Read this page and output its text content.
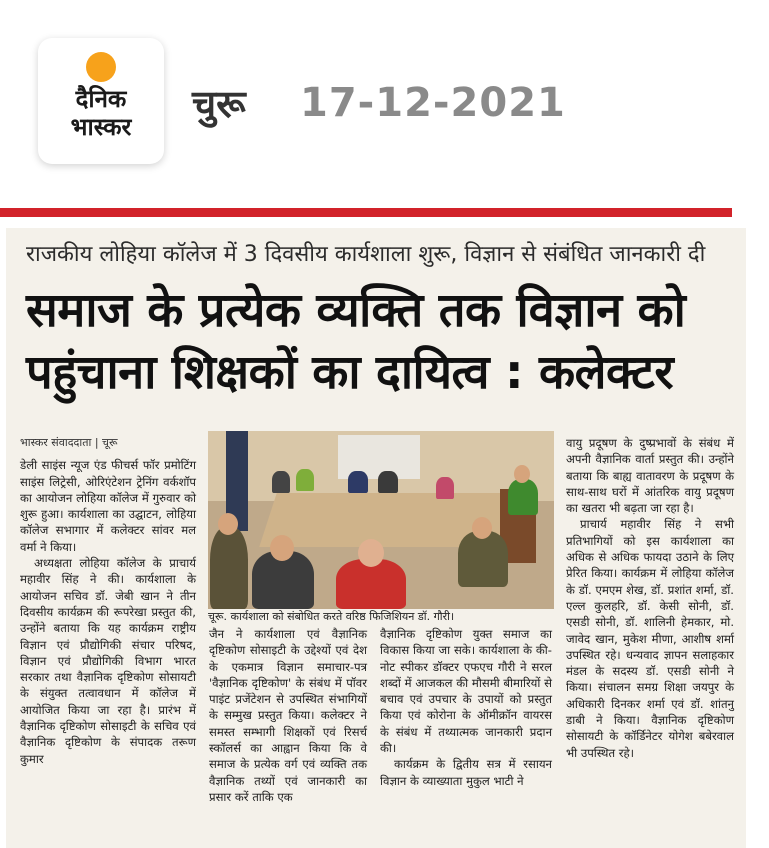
दैनिक
भास्कर
चुरू 17-12-2021
राजकीय लोहिया कॉलेज में 3 दिवसीय कार्यशाला शुरू, विज्ञान से संबंधित जानकारी दी
समाज के प्रत्येक व्यक्ति तक विज्ञान को
पहुंचाना शिक्षकों का दायित्व : कलेक्टर
भास्कर संवाददाता | चूरू

डेली साइंस न्यूज एंड फीचर्स फॉर प्रमोटिंग साइंस लिट्रेसी, ओरिएंटेशन ट्रेनिंग वर्कशॉप का आयोजन लोहिया कॉलेज में गुरुवार को शुरू हुआ। कार्यशाला का उद्घाटन, लोहिया कॉलेज सभागार में कलेक्टर सांवर मल वर्मा ने किया।

अध्यक्षता लोहिया कॉलेज के प्राचार्य महावीर सिंह ने की। कार्यशाला के आयोजन सचिव डॉ. जेबी खान ने तीन दिवसीय कार्यक्रम की रूपरेखा प्रस्तुत की, उन्होंने बताया कि यह कार्यक्रम राष्ट्रीय विज्ञान एवं प्रौद्योगिकी संचार परिषद, विज्ञान एवं प्रौद्योगिकी विभाग भारत सरकार तथा वैज्ञानिक दृष्टिकोण सोसायटी के संयुक्त तत्वावधान में कॉलेज में आयोजित किया जा रहा है। प्रारंभ में वैज्ञानिक दृष्टिकोण सोसाइटी के सचिव एवं वैज्ञानिक दृष्टिकोण के संपादक तरूण कुमार

चूरू. कार्यशाला को संबोधित करते वरिष्ठ फिजिशियन डॉ. गौरी।

जैन ने कार्यशाला एवं वैज्ञानिक दृष्टिकोण सोसाइटी के उद्देश्यों एवं देश के एकमात्र विज्ञान समाचार-पत्र 'वैज्ञानिक दृष्टिकोण' के संबंध में पॉवर पाइंट प्रजेंटेशन से उपस्थित संभागियों के सम्मुख प्रस्तुत किया। कलेक्टर ने समस्त सम्भागी शिक्षकों एवं रिसर्च स्कॉलर्स का आह्वान किया कि वे समाज के प्रत्येक वर्ग एवं व्यक्ति तक वैज्ञानिक तथ्यों एवं जानकारी का प्रसार करें ताकि एक

वैज्ञानिक दृष्टिकोण युक्त समाज का विकास किया जा सके। कार्यशाला के की-नोट स्पीकर डॉक्टर एफएच गौरी ने सरल शब्दों में आजकल की मौसमी बीमारियों से बचाव एवं उपचार के उपायों को प्रस्तुत किया एवं कोरोना के ऑमीक्रॉन वायरस के संबंध में तथ्यात्मक जानकारी प्रदान की।

कार्यक्रम के द्वितीय सत्र में रसायन विज्ञान के व्याख्याता मुकुल भाटी ने

वायु प्रदूषण के दुष्प्रभावों के संबंध में अपनी वैज्ञानिक वार्ता प्रस्तुत की। उन्होंने बताया कि बाह्य वातावरण के प्रदूषण के साथ-साथ घरों में आंतरिक वायु प्रदूषण का खतरा भी बढ़ता जा रहा है।

प्राचार्य महावीर सिंह ने सभी प्रतिभागियों को इस कार्यशाला का अधिक से अधिक फायदा उठाने के लिए प्रेरित किया। कार्यक्रम में लोहिया कॉलेज के डॉ. एमएम शेख, डॉ. प्रशांत शर्मा, डॉ. एल्ल कुलहरि, डॉ. केसी सोनी, डॉ. एसडी सोनी, डॉ. शालिनी हेमकार, मो. जावेद खान, मुकेश मीणा, आशीष शर्मा उपस्थित रहे। धन्यवाद ज्ञापन सलाहकार मंडल के सदस्य डॉ. एसडी सोनी ने किया। संचालन समग्र शिक्षा जयपुर के अधिकारी दिनकर शर्मा एवं डॉ. शांतनु डाबी ने किया। वैज्ञानिक दृष्टिकोण सोसायटी के कॉर्डिनेटर योगेश बबेरवाल भी उपस्थित रहे।
